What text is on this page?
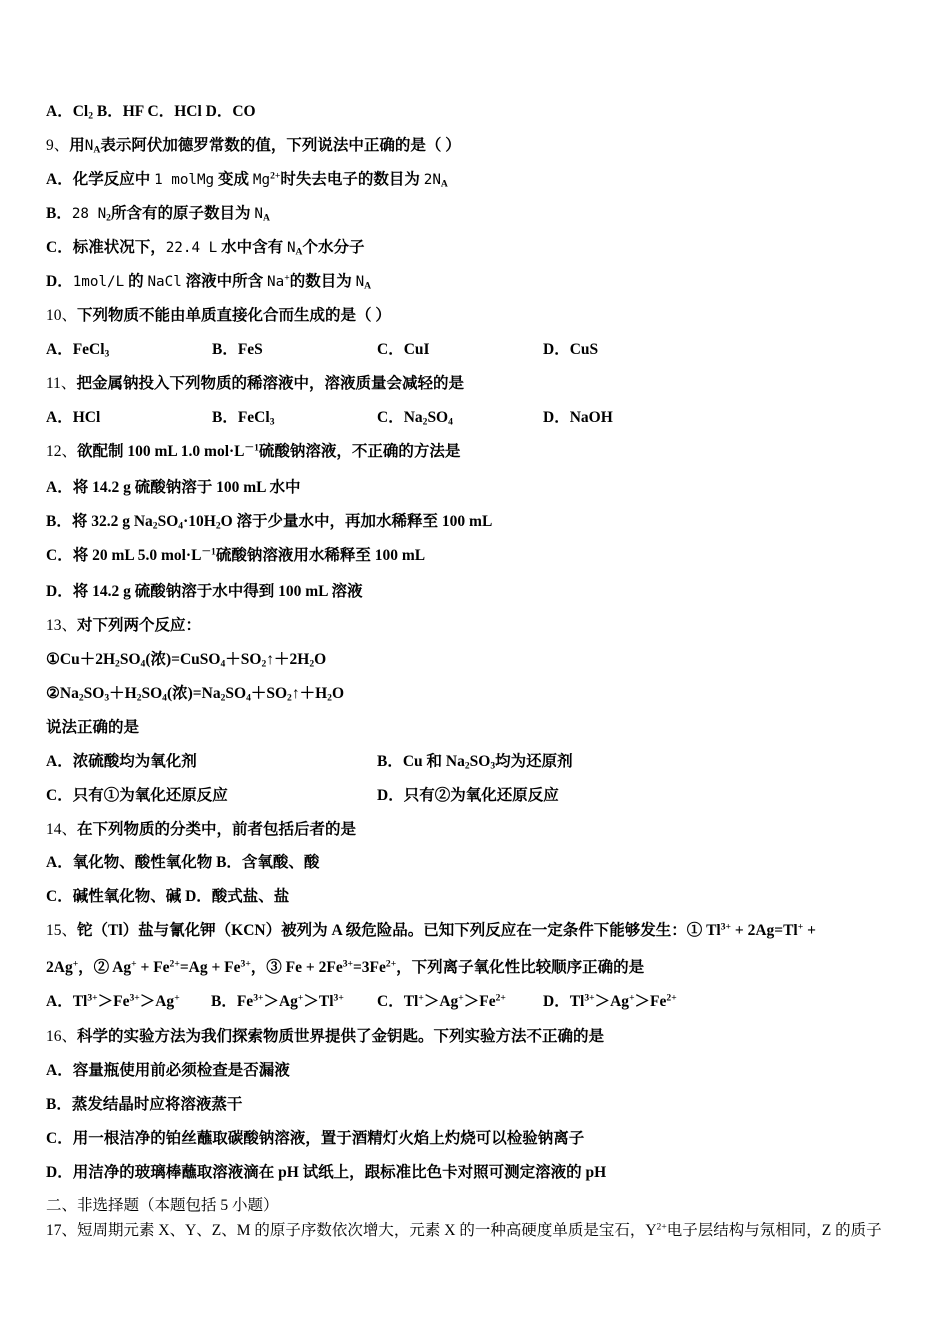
A．$Cl_2$ B．HF C．HCl D．CO
9、用$N_A$表示阿伏加德罗常数的值，下列说法中正确的是（ ）
A．化学反应中 1 molMg 变成 $Mg^{2+}$时失去电子的数目为 $2N_A$
B．28 $N_2$所含有的原子数目为 $N_A$
C．标准状况下，22.4 L 水中含有 $N_A$个水分子
D．1mol/L 的 NaCl 溶液中所含 Na+的数目为 $N_A$
10、下列物质不能由单质直接化合而生成的是（ ）
A．FeCl$_3$	B．FeS	C．CuI	D．CuS
11、把金属钠投入下列物质的稀溶液中，溶液质量会减轻的是
A．HCl	B．FeCl$_3$	C．$Na_2SO_4$	D．NaOH
12、欲配制 100 mL 1.0 $mol\cdot L^{-1}$硫酸钠溶液，不正确的方法是
A．将 14.2 g 硫酸钠溶于 100 mL 水中
B．将 32.2 g $Na_2SO_4\cdot 10H_2O$ 溶于少量水中，再加水稀释至 100 mL
C．将 20 mL 5.0 $mol\cdot L^{-1}$硫酸钠溶液用水稀释至 100 mL
D．将 14.2 g 硫酸钠溶于水中得到 100 mL 溶液
13、对下列两个反应：
$①Cu+2H_2SO_4$(浓)$=CuSO_4+SO_2↑+2H_2O$
$②Na_2SO_3+H_2SO_4$(浓)$=Na_2SO_4+SO_2↑+H_2O$
说法正确的是
A．浓硫酸均为氧化剂	B．Cu 和 $Na_2SO_3$均为还原剂
C．只有①为氧化还原反应	D．只有②为氧化还原反应
14、在下列物质的分类中，前者包括后者的是
A．氧化物、酸性氧化物 B．含氧酸、酸
C．碱性氧化物、碱 D．酸式盐、盐
15、铊（Tl）盐与氰化钾（KCN）被列为 A 级危险品。已知下列反应在一定条件下能够发生：① $Tl^{3+} + 2Ag=Tl^+$ +
2Ag+，② $Ag^+ + Fe^{2+}=Ag + Fe^{3+}$，③ $Fe + 2Fe^{3+}=3Fe^{2+}$，下列离子氧化性比较顺序正确的是
A．$Tl^{3+}>Fe^{3+}>Ag^+$ B．$Fe^{3+}>Ag^+>Tl^{3+}$ C．$Tl^+>Ag^+>Fe^{2+}$ D．$Tl^{3+}>Ag^+>Fe^{2+}$
16、科学的实验方法为我们探索物质世界提供了金钥匙。下列实验方法不正确的是
A．容量瓶使用前必须检查是否漏液
B．蒸发结晶时应将溶液蒸干
C．用一根洁净的铂丝蘸取碳酸钠溶液，置于酒精灯火焰上灼烧可以检验钠离子
D．用洁净的玻璃棒蘸取溶液滴在 pH 试纸上，跟标准比色卡对照可测定溶液的 pH
二、非选择题（本题包括 5 小题）
17、短周期元素 X、Y、Z、M 的原子序数依次增大，元素 X 的一种高硬度单质是宝石，$Y^{2+}$电子层结构与氖相同，Z 的质子
